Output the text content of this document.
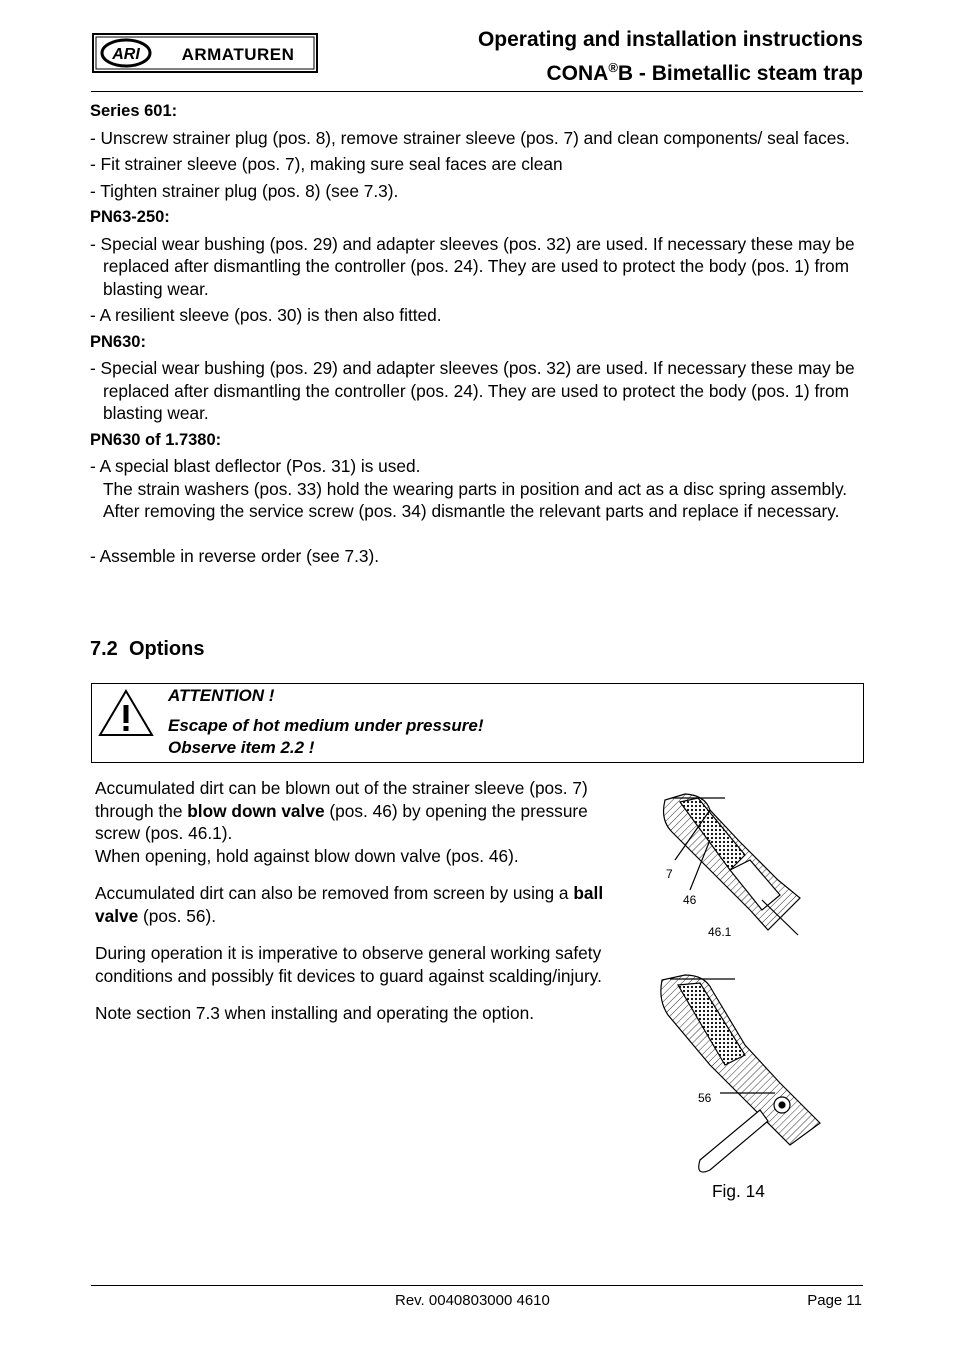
ARI ARMATUREN
Operating and installation instructions
CONA®B - Bimetallic steam trap
Series 601:
- Unscrew strainer plug (pos. 8), remove strainer sleeve (pos. 7) and clean components/ seal faces.
- Fit strainer sleeve (pos. 7), making sure seal faces are clean
- Tighten strainer plug (pos. 8) (see 7.3).
PN63-250:
- Special wear bushing (pos. 29) and adapter sleeves (pos. 32) are used. If necessary these may be replaced after dismantling the controller (pos. 24). They are used to protect the body (pos. 1) from blasting wear.
- A resilient sleeve (pos. 30) is then also fitted.
PN630:
- Special wear bushing (pos. 29) and adapter sleeves (pos. 32) are used. If necessary these may be replaced after dismantling the controller (pos. 24). They are used to protect the body (pos. 1) from blasting wear.
PN630 of 1.7380:
- A special blast deflector (Pos. 31) is used.
The strain washers (pos. 33) hold the wearing parts in position and act as a disc spring assembly. After removing the service screw (pos. 34) dismantle the relevant parts and replace if necessary.
- Assemble in reverse order (see 7.3).
7.2 Options
ATTENTION !
Escape of hot medium under pressure!
Observe item 2.2 !

Accumulated dirt can be blown out of the strainer sleeve (pos. 7) through the blow down valve (pos. 46) by opening the pressure screw (pos. 46.1).
When opening, hold against blow down valve (pos. 46).

Accumulated dirt can also be removed from screen by using a ball valve (pos. 56).

During operation it is imperative to observe general working safety conditions and possibly fit devices to guard against scalding/injury.

Note section 7.3 when installing and operating the option.

7
46
46.1
56
Fig. 14
Rev. 0040803000 4610	Page 11
